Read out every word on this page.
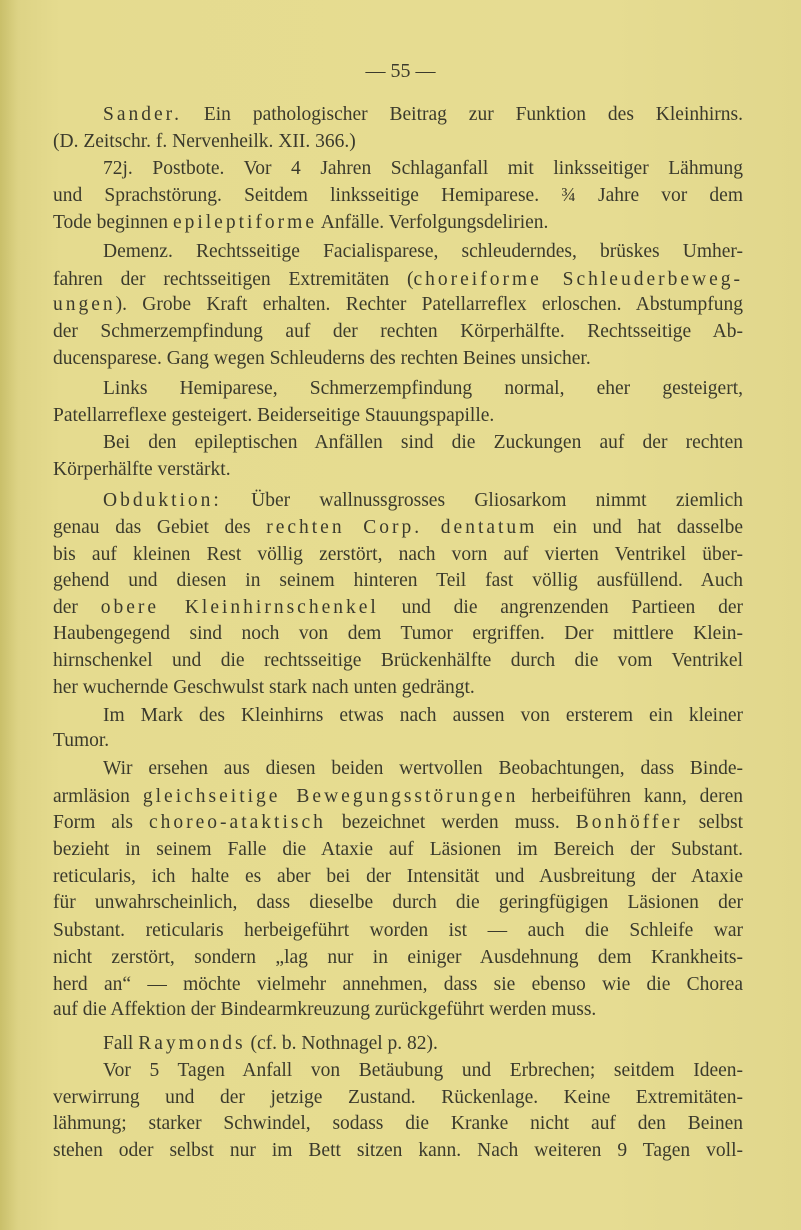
— 55 —
Sander. Ein pathologischer Beitrag zur Funktion des Kleinhirns.
(D. Zeitschr. f. Nervenheilk. XII. 366.)
72j. Postbote. Vor 4 Jahren Schlaganfall mit linksseitiger Lähmung
und Sprachstörung. Seitdem linksseitige Hemiparese. ¾ Jahre vor dem
Tode beginnen epileptiforme Anfälle. Verfolgungsdelirien.
Demenz. Rechtsseitige Facialisparese, schleuderndes, brüskes Umher-
fahren der rechtsseitigen Extremitäten (choreiforme Schleuderbeweg-
ungen). Grobe Kraft erhalten. Rechter Patellarreflex erloschen. Abstumpfung
der Schmerzempfindung auf der rechten Körperhälfte. Rechtsseitige Ab-
ducensparese. Gang wegen Schleuderns des rechten Beines unsicher.
Links Hemiparese, Schmerzempfindung normal, eher gesteigert,
Patellarreflexe gesteigert. Beiderseitige Stauungspapille.
Bei den epileptischen Anfällen sind die Zuckungen auf der rechten
Körperhälfte verstärkt.
Obduktion: Über wallnussgrosses Gliosarkom nimmt ziemlich
genau das Gebiet des rechten Corp. dentatum ein und hat dasselbe
bis auf kleinen Rest völlig zerstört, nach vorn auf vierten Ventrikel über-
gehend und diesen in seinem hinteren Teil fast völlig ausfüllend. Auch
der obere Kleinhirnschenkel und die angrenzenden Partieen der
Haubengegend sind noch von dem Tumor ergriffen. Der mittlere Klein-
hirnschenkel und die rechtsseitige Brückenhälfte durch die vom Ventrikel
her wuchernde Geschwulst stark nach unten gedrängt.
Im Mark des Kleinhirns etwas nach aussen von ersterem ein kleiner
Tumor.
Wir ersehen aus diesen beiden wertvollen Beobachtungen, dass Binde-
armläsion gleichseitige Bewegungsstörungen herbeiführen kann, deren
Form als choreo-ataktisch bezeichnet werden muss. Bonhöffer selbst
bezieht in seinem Falle die Ataxie auf Läsionen im Bereich der Substant.
reticularis, ich halte es aber bei der Intensität und Ausbreitung der Ataxie
für unwahrscheinlich, dass dieselbe durch die geringfügigen Läsionen der
Substant. reticularis herbeigeführt worden ist — auch die Schleife war
nicht zerstört, sondern „lag nur in einiger Ausdehnung dem Krankheits-
herd an“ — möchte vielmehr annehmen, dass sie ebenso wie die Chorea
auf die Affektion der Bindearmkreuzung zurückgeführt werden muss.
Fall Raymonds (cf. b. Nothnagel p. 82).
Vor 5 Tagen Anfall von Betäubung und Erbrechen; seitdem Ideen-
verwirrung und der jetzige Zustand. Rückenlage. Keine Extremitäten-
lähmung; starker Schwindel, sodass die Kranke nicht auf den Beinen
stehen oder selbst nur im Bett sitzen kann. Nach weiteren 9 Tagen voll-
